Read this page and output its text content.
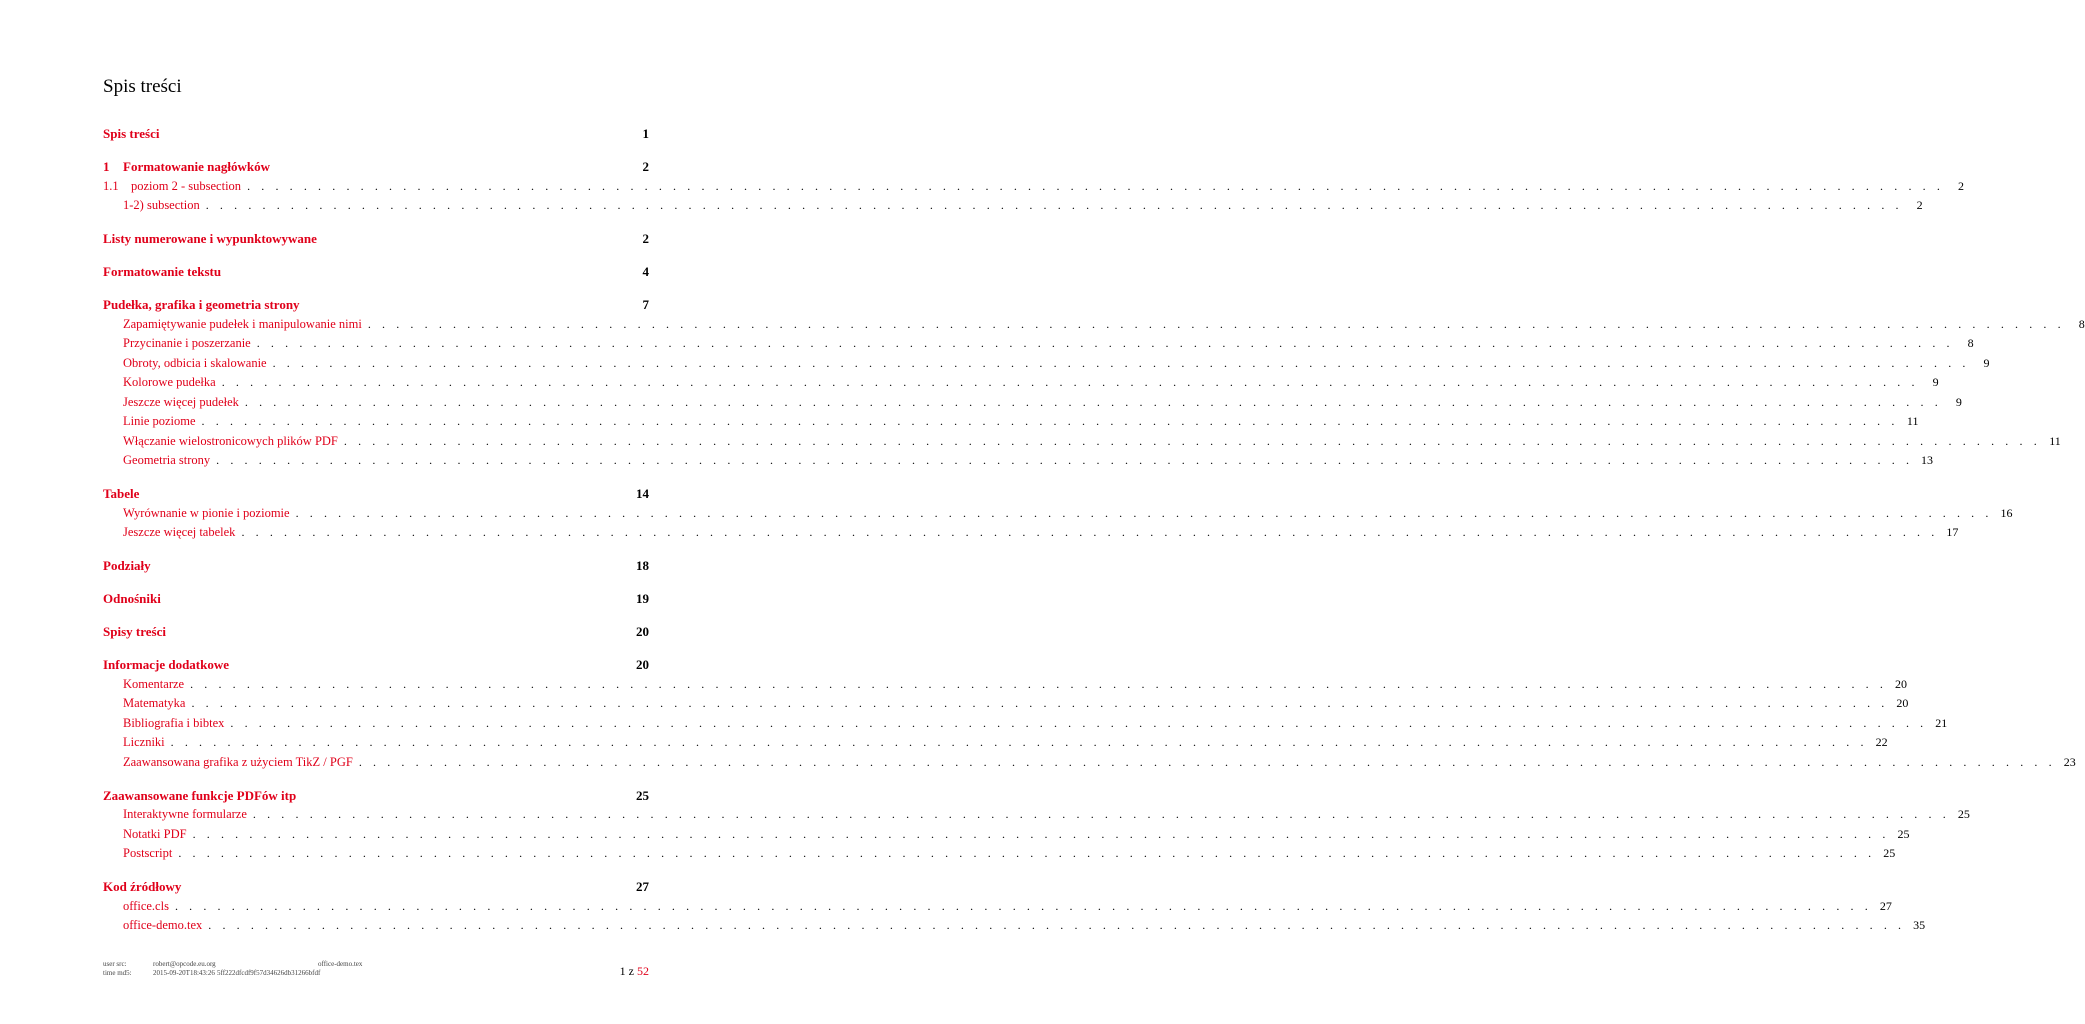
Spis treści
Spis treści	1
1	Formatowanie nagłówków	2
1.1 poziom 2 - subsection . . . . . . . . . . . . . . . . . . . . . . . . . . . . . . . . . . . . . . . . . . . . . . . . . . . . . . . . . . . . . . . . . . . . . . . . . . . . . . . . . . . . . . . . . . . . . . . . . . . . . . . . . . . . . . . . . . . . . . . .	2
1-2) subsection . . . . . . . . . . . . . . . . . . . . . . . . . . . . . . . . . . . . . . . . . . . . . . . . . . . . . . . . . . . . . . . . . . . . . . . . . . . . . . . . . . . . . . . . . . . . . . . . . . . . . . . . . . . . . . . . . . . . . . . .	2
Listy numerowane i wypunktowywane	2
Formatowanie tekstu	4
Pudełka, grafika i geometria strony	7
Zapamiętywanie pudełek i manipulowanie nimi . . . . . . . . . . . . . . . . . . . . . . . . . . . . . . . . . . . . . . . . . . . . . . . . . . . . . . . . . . . . . . . . . . . . . . . . . . . . . . . . . . . . . . . . . . . . . . . . . . . . . . . . . . . . . . . . . . . . . . . .	8
Przycinanie i poszerzanie . . . . . . . . . . . . . . . . . . . . . . . . . . . . . . . . . . . . . . . . . . . . . . . . . . . . . . . . . . . . . . . . . . . . . . . . . . . . . . . . . . . . . . . . . . . . . . . . . . . . . . . . . . . . . . . . . . . . . . . .	8
Obroty, odbicia i skalowanie . . . . . . . . . . . . . . . . . . . . . . . . . . . . . . . . . . . . . . . . . . . . . . . . . . . . . . . . . . . . . . . . . . . . . . . . . . . . . . . . . . . . . . . . . . . . . . . . . . . . . . . . . . . . . . . . . . . . . . . .	9
Kolorowe pudełka . . . . . . . . . . . . . . . . . . . . . . . . . . . . . . . . . . . . . . . . . . . . . . . . . . . . . . . . . . . . . . . . . . . . . . . . . . . . . . . . . . . . . . . . . . . . . . . . . . . . . . . . . . . . . . . . . . . . . . . .	9
Jeszcze więcej pudełek . . . . . . . . . . . . . . . . . . . . . . . . . . . . . . . . . . . . . . . . . . . . . . . . . . . . . . . . . . . . . . . . . . . . . . . . . . . . . . . . . . . . . . . . . . . . . . . . . . . . . . . . . . . . . . . . . . . . . . . .	9
Linie poziome . . . . . . . . . . . . . . . . . . . . . . . . . . . . . . . . . . . . . . . . . . . . . . . . . . . . . . . . . . . . . . . . . . . . . . . . . . . . . . . . . . . . . . . . . . . . . . . . . . . . . . . . . . . . . . . . . . . . . . . . 11
Włączanie wielostronicowych plików PDF . . . . . . . . . . . . . . . . . . . . . . . . . . . . . . . . . . . . . . . . . . . . . . . . . . . . . . . . . . . . . . . . . . . . . . . . . . . . . . . . . . . . . . . . . . . . . . . . . . . . . . . . . . . . . . . . . . . . . . . . 11
Geometria strony . . . . . . . . . . . . . . . . . . . . . . . . . . . . . . . . . . . . . . . . . . . . . . . . . . . . . . . . . . . . . . . . . . . . . . . . . . . . . . . . . . . . . . . . . . . . . . . . . . . . . . . . . . . . . . . . . . . . . . . . 13
Tabele	14
Wyrównanie w pionie i poziomie . . . . . . . . . . . . . . . . . . . . . . . . . . . . . . . . . . . . . . . . . . . . . . . . . . . . . . . . . . . . . . . . . . . . . . . . . . . . . . . . . . . . . . . . . . . . . . . . . . . . . . . . . . . . . . . . . . . . . . . . 16
Jeszcze więcej tabelek . . . . . . . . . . . . . . . . . . . . . . . . . . . . . . . . . . . . . . . . . . . . . . . . . . . . . . . . . . . . . . . . . . . . . . . . . . . . . . . . . . . . . . . . . . . . . . . . . . . . . . . . . . . . . . . . . . . . . . . . 17
Podziały	18
Odnośniki	19
Spisy treści	20
Informacje dodatkowe	20
Komentarze . . . . . . . . . . . . . . . . . . . . . . . . . . . . . . . . . . . . . . . . . . . . . . . . . . . . . . . . . . . . . . . . . . . . . . . . . . . . . . . . . . . . . . . . . . . . . . . . . . . . . . . . . . . . . . . . . . . . . . . . 20
Matematyka . . . . . . . . . . . . . . . . . . . . . . . . . . . . . . . . . . . . . . . . . . . . . . . . . . . . . . . . . . . . . . . . . . . . . . . . . . . . . . . . . . . . . . . . . . . . . . . . . . . . . . . . . . . . . . . . . . . . . . . . 20
Bibliografia i bibtex . . . . . . . . . . . . . . . . . . . . . . . . . . . . . . . . . . . . . . . . . . . . . . . . . . . . . . . . . . . . . . . . . . . . . . . . . . . . . . . . . . . . . . . . . . . . . . . . . . . . . . . . . . . . . . . . . . . . . . . . 21
Liczniki . . . . . . . . . . . . . . . . . . . . . . . . . . . . . . . . . . . . . . . . . . . . . . . . . . . . . . . . . . . . . . . . . . . . . . . . . . . . . . . . . . . . . . . . . . . . . . . . . . . . . . . . . . . . . . . . . . . . . . . . 22
Zaawansowana grafika z użyciem TikZ / PGF . . . . . . . . . . . . . . . . . . . . . . . . . . . . . . . . . . . . . . . . . . . . . . . . . . . . . . . . . . . . . . . . . . . . . . . . . . . . . . . . . . . . . . . . . . . . . . . . . . . . . . . . . . . . . . . . . . . . . . . . 23
Zaawansowane funkcje PDFów itp	25
Interaktywne formularze . . . . . . . . . . . . . . . . . . . . . . . . . . . . . . . . . . . . . . . . . . . . . . . . . . . . . . . . . . . . . . . . . . . . . . . . . . . . . . . . . . . . . . . . . . . . . . . . . . . . . . . . . . . . . . . . . . . . . . . . 25
Notatki PDF . . . . . . . . . . . . . . . . . . . . . . . . . . . . . . . . . . . . . . . . . . . . . . . . . . . . . . . . . . . . . . . . . . . . . . . . . . . . . . . . . . . . . . . . . . . . . . . . . . . . . . . . . . . . . . . . . . . . . . . . 25
Postscript . . . . . . . . . . . . . . . . . . . . . . . . . . . . . . . . . . . . . . . . . . . . . . . . . . . . . . . . . . . . . . . . . . . . . . . . . . . . . . . . . . . . . . . . . . . . . . . . . . . . . . . . . . . . . . . . . . . . . . . . 25
Kod źródłowy	27
office.cls . . . . . . . . . . . . . . . . . . . . . . . . . . . . . . . . . . . . . . . . . . . . . . . . . . . . . . . . . . . . . . . . . . . . . . . . . . . . . . . . . . . . . . . . . . . . . . . . . . . . . . . . . . . . . . . . . . . . . . . . 27
office-demo.tex . . . . . . . . . . . . . . . . . . . . . . . . . . . . . . . . . . . . . . . . . . . . . . . . . . . . . . . . . . . . . . . . . . . . . . . . . . . . . . . . . . . . . . . . . . . . . . . . . . . . . . . . . . . . . . . . . . . . . . . . 35
user src:
time md5:
robert@opcode.eu.org
2015-09-20T18:43:26 5ff222dfcdf9f57d34626db31266bfdf
office-demo.tex	1 z 52
